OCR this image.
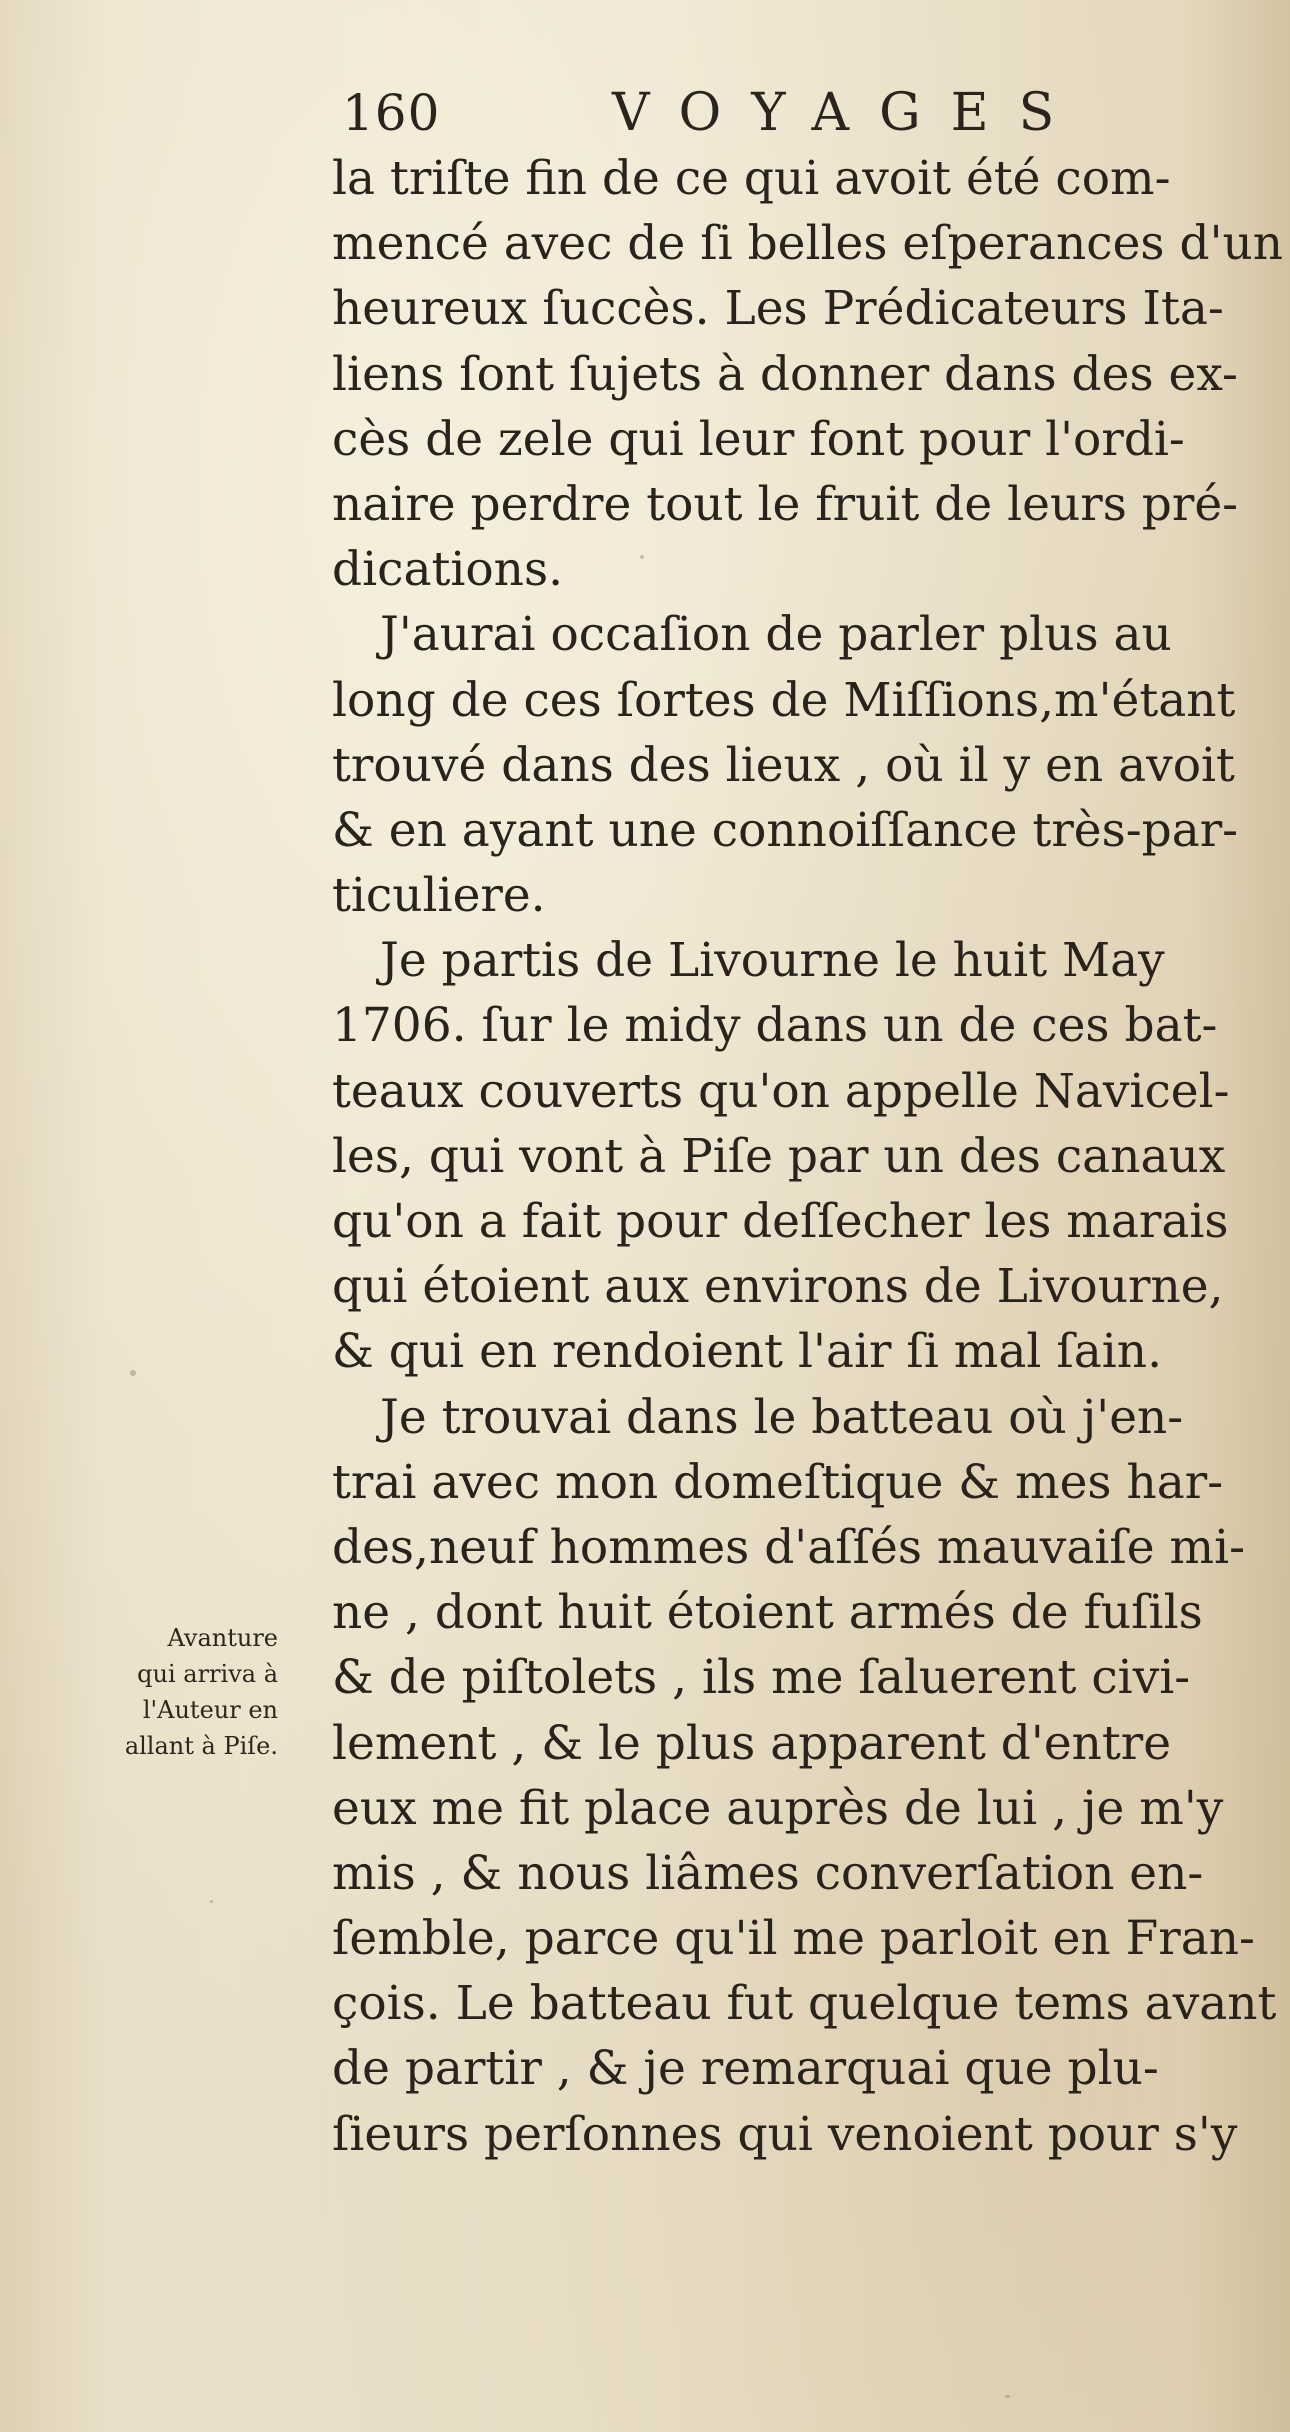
160	VOYAGES
la triſte fin de ce qui avoit été com-
mencé avec de ſi belles eſperances d'un
heureux ſuccès. Les Prédicateurs Ita-
liens ſont ſujets à donner dans des ex-
cès de zele qui leur font pour l'ordi-
naire perdre tout le fruit de leurs pré-
dications.
J'aurai occaſion de parler plus au
long de ces ſortes de Miſſions,m'étant
trouvé dans des lieux , où il y en avoit
& en ayant une connoiſſance très-par-
ticuliere.
Je partis de Livourne le huit May
1706. ſur le midy dans un de ces bat-
teaux couverts qu'on appelle Navicel-
les, qui vont à Piſe par un des canaux
qu'on a fait pour deſſecher les marais
qui étoient aux environs de Livourne,
& qui en rendoient l'air ſi mal ſain.
Je trouvai dans le batteau où j'en-
trai avec mon domeſtique & mes har-
des,neuf hommes d'aſſés mauvaiſe mi-
ne , dont huit étoient armés de fuſils
& de piſtolets , ils me ſaluerent civi-
lement , & le plus apparent d'entre
eux me fit place auprès de lui , je m'y
mis , & nous liâmes converſation en-
ſemble, parce qu'il me parloit en Fran-
çois. Le batteau fut quelque tems avant
de partir , & je remarquai que plu-
ſieurs perſonnes qui venoient pour s'y
Avanture
qui arriva à
l'Auteur en
allant à Piſe.
